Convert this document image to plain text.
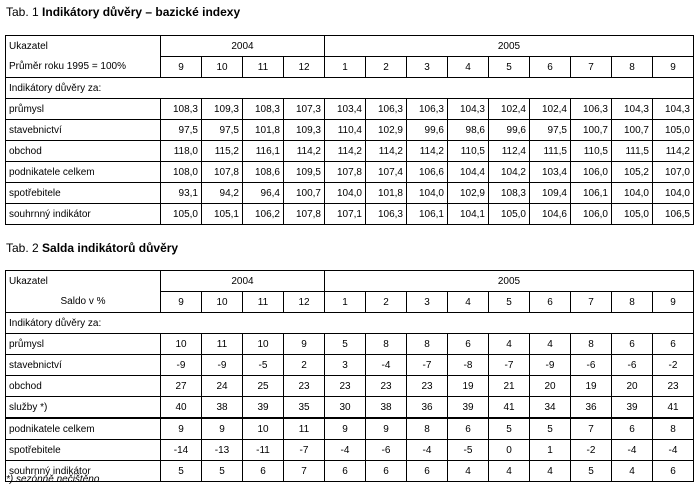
Tab. 1 Indikátory důvěry – bazické indexy
Ukazatel	2004				2005								
Průměr roku 1995 = 100%	9	10	11	12	1	2	3	4	5	6	7	8	9
Indikátory důvěry za:													
průmysl	108,3	109,3	108,3	107,3	103,4	106,3	106,3	104,3	102,4	102,4	106,3	104,3	104,3
stavebnictví	97,5	97,5	101,8	109,3	110,4	102,9	99,6	98,6	99,6	97,5	100,7	100,7	105,0
obchod	118,0	115,2	116,1	114,2	114,2	114,2	114,2	110,5	112,4	111,5	110,5	111,5	114,2
podnikatele celkem	108,0	107,8	108,6	109,5	107,8	107,4	106,6	104,4	104,2	103,4	106,0	105,2	107,0
spotřebitele	93,1	94,2	96,4	100,7	104,0	101,8	104,0	102,9	108,3	109,4	106,1	104,0	104,0
souhrnný indikátor	105,0	105,1	106,2	107,8	107,1	106,3	106,1	104,1	105,0	104,6	106,0	105,0	106,5
Tab. 2 Salda indikátorů důvěry
Ukazatel	2004				2005								
Saldo v %	9	10	11	12	1	2	3	4	5	6	7	8	9
Indikátory důvěry za:													
průmysl	10	11	10	9	5	8	8	6	4	4	8	6	6
stavebnictví	-9	-9	-5	2	3	-4	-7	-8	-7	-9	-6	-6	-2
obchod	27	24	25	23	23	23	23	19	21	20	19	20	23
služby *)	40	38	39	35	30	38	36	39	41	34	36	39	41
podnikatele celkem	9	9	10	11	9	9	8	6	5	5	7	6	8
spotřebitele	-14	-13	-11	-7	-4	-6	-4	-5	0	1	-2	-4	-4
souhrnný indikátor	5	5	6	7	6	6	6	4	4	4	5	4	6
*) sezónně nečištěno
